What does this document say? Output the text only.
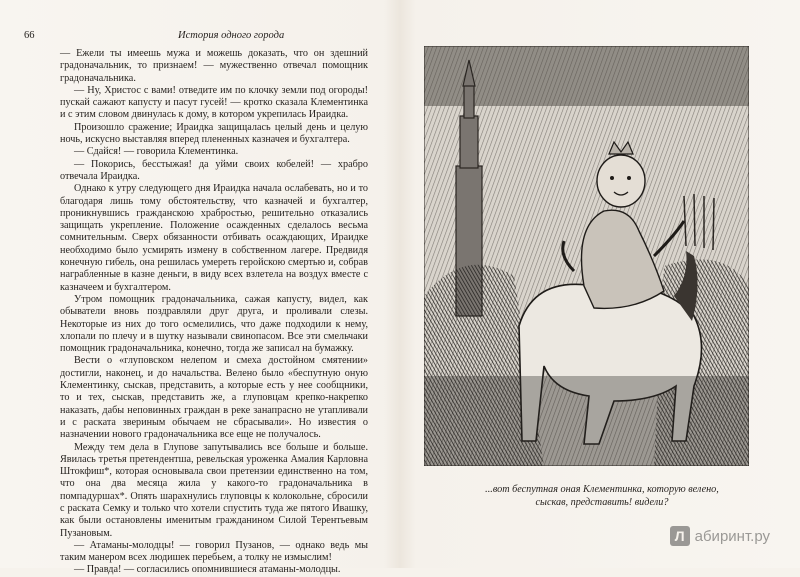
66	История одного города

— Ежели ты имеешь мужа и можешь доказать, что он здешний градоначальник, то признаем! — мужественно отвечал помощник градоначальника.

— Ну, Христос с вами! отведите им по клочку земли под огороды! пускай сажают капусту и пасут гусей! — кротко сказала Клементинка и с этим словом двинулась к дому, в котором укрепилась Ираидка.

Произошло сражение; Ираидка защищалась целый день и целую ночь, искусно выставляя вперед плененных казначея и бухгалтера.

— Сдайся! — говорила Клементинка.

— Покорись, бесстыжая! да уйми своих кобелей! — храбро отвечала Ираидка.

Однако к утру следующего дня Ираидка начала ослабевать, но и то благодаря лишь тому обстоятельству, что казначей и бухгалтер, проникнувшись гражданскою храбростью, решительно отказались защищать укрепление. Положение осажденных сделалось весьма сомнительным. Сверх обязанности отбивать осаждающих, Ираидке необходимо было усмирять измену в собственном лагере. Предвидя конечную гибель, она решилась умереть геройскою смертью и, собрав награбленные в казне деньги, в виду всех взлетела на воздух вместе с казначеем и бухгалтером.

Утром помощник градоначальника, сажая капусту, видел, как обыватели вновь поздравляли друг друга, и проливали слезы. Некоторые из них до того осмелились, что даже подходили к нему, хлопали по плечу и в шутку называли свинопасом. Все эти смельчаки помощник градоначальника, конечно, тогда же записал на бумажку.

Вести о «глуповском нелепом и смеха достойном смятении» достигли, наконец, и до начальства. Велено было «беспутную оную Клементинку, сыскав, представить, а которые есть у нее сообщники, то и тех, сыскав, представить же, а глуповцам крепко-накрепко наказать, дабы неповинных граждан в реке занапрасно не утапливали и с раската звериным обычаем не сбрасывали». Но известия о назначении нового градоначальника все еще не получалось.

Между тем дела в Глупове запутывались все больше и больше. Явилась третья претендентша, ревельская уроженка Амалия Карловна Штокфиш*, которая основывала свои претензии единственно на том, что она два месяца жила у какого-то градоначальника в помпадуршах*. Опять шарахнулись глуповцы к колокольне, сбросили с раската Семку и только что хотели спустить туда же пятого Ивашку, как были остановлены именитым гражданином Силой Терентьевым Пузановым.

— Атаманы-молодцы! — говорил Пузанов, — однако ведь мы таким манером всех людишек перебьем, а толку не измыслим!

— Правда! — согласились опомнившиеся атаманы-молодцы.

...вот беспутная оная Клементинка, которую велено,
сыскав, представить! видели?
Л абиринт.ру
